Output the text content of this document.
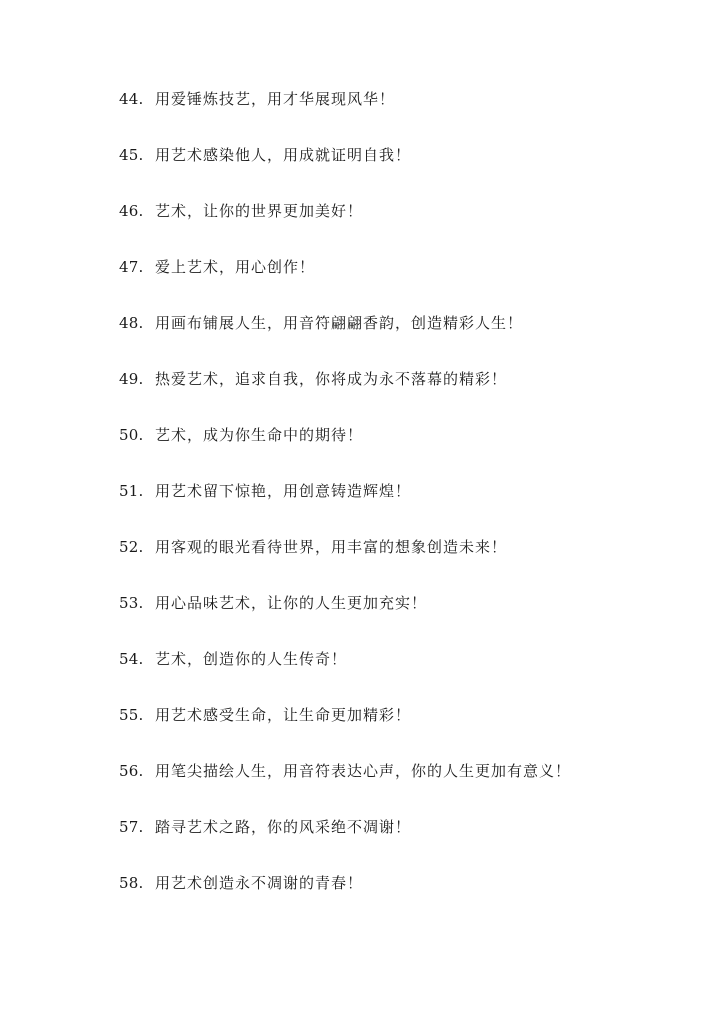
44. 用爱锤炼技艺，用才华展现风华！
45. 用艺术感染他人，用成就证明自我！
46. 艺术，让你的世界更加美好！
47. 爱上艺术，用心创作！
48. 用画布铺展人生，用音符翩翩香韵，创造精彩人生！
49. 热爱艺术，追求自我，你将成为永不落幕的精彩！
50. 艺术，成为你生命中的期待！
51. 用艺术留下惊艳，用创意铸造辉煌！
52. 用客观的眼光看待世界，用丰富的想象创造未来！
53. 用心品味艺术，让你的人生更加充实！
54. 艺术，创造你的人生传奇！
55. 用艺术感受生命，让生命更加精彩！
56. 用笔尖描绘人生，用音符表达心声，你的人生更加有意义！
57. 踏寻艺术之路，你的风采绝不凋谢！
58. 用艺术创造永不凋谢的青春！
